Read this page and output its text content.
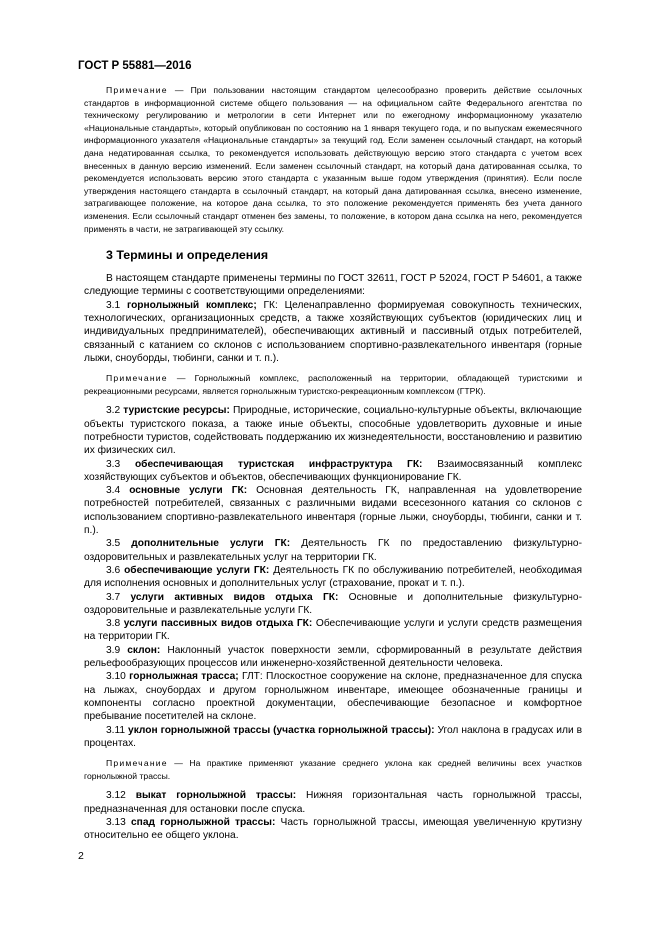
ГОСТ Р 55881—2016

Примечание — При пользовании настоящим стандартом целесообразно проверить действие ссылочных стандартов в информационной системе общего пользования — на официальном сайте Федерального агентства по техническому регулированию и метрологии в сети Интернет или по ежегодному информационному указателю «Национальные стандарты», который опубликован по состоянию на 1 января текущего года, и по выпускам ежемесячного информационного указателя «Национальные стандарты» за текущий год. Если заменен ссылочный стандарт, на который дана недатированная ссылка, то рекомендуется использовать действующую версию этого стандарта с учетом всех внесенных в данную версию изменений. Если заменен ссылочный стандарт, на который дана датированная ссылка, то рекомендуется использовать версию этого стандарта с указанным выше годом утверждения (принятия). Если после утверждения настоящего стандарта в ссылочный стандарт, на который дана датированная ссылка, внесено изменение, затрагивающее положение, на которое дана ссылка, то это положение рекомендуется применять без учета данного изменения. Если ссылочный стандарт отменен без замены, то положение, в котором дана ссылка на него, рекомендуется применять в части, не затрагивающей эту ссылку.

3 Термины и определения

В настоящем стандарте применены термины по ГОСТ 32611, ГОСТ Р 52024, ГОСТ Р 54601, а также следующие термины с соответствующими определениями:

3.1 горнолыжный комплекс; ГК: Целенаправленно формируемая совокупность технических, технологических, организационных средств, а также хозяйствующих субъектов (юридических лиц и индивидуальных предпринимателей), обеспечивающих активный и пассивный отдых потребителей, связанный с катанием со склонов с использованием спортивно-развлекательного инвентаря (горные лыжи, сноуборды, тюбинги, санки и т. п.).

Примечание — Горнолыжный комплекс, расположенный на территории, обладающей туристскими и рекреационными ресурсами, является горнолыжным туристско-рекреационным комплексом (ГТРК).

3.2 туристские ресурсы: Природные, исторические, социально-культурные объекты, включающие объекты туристского показа, а также иные объекты, способные удовлетворить духовные и иные потребности туристов, содействовать поддержанию их жизнедеятельности, восстановлению и развитию их физических сил.

3.3 обеспечивающая туристская инфраструктура ГК: Взаимосвязанный комплекс хозяйствующих субъектов и объектов, обеспечивающих функционирование ГК.

3.4 основные услуги ГК: Основная деятельность ГК, направленная на удовлетворение потребностей потребителей, связанных с различными видами всесезонного катания со склонов с использованием спортивно-развлекательного инвентаря (горные лыжи, сноуборды, тюбинги, санки и т. п.).

3.5 дополнительные услуги ГК: Деятельность ГК по предоставлению физкультурно-оздоровительных и развлекательных услуг на территории ГК.

3.6 обеспечивающие услуги ГК: Деятельность ГК по обслуживанию потребителей, необходимая для исполнения основных и дополнительных услуг (страхование, прокат и т. п.).

3.7 услуги активных видов отдыха ГК: Основные и дополнительные физкультурно-оздоровительные и развлекательные услуги ГК.

3.8 услуги пассивных видов отдыха ГК: Обеспечивающие услуги и услуги средств размещения на территории ГК.

3.9 склон: Наклонный участок поверхности земли, сформированный в результате действия рельефообразующих процессов или инженерно-хозяйственной деятельности человека.

3.10 горнолыжная трасса; ГЛТ: Плоскостное сооружение на склоне, предназначенное для спуска на лыжах, сноубордах и другом горнолыжном инвентаре, имеющее обозначенные границы и компоненты согласно проектной документации, обеспечивающие безопасное и комфортное пребывание посетителей на склоне.

3.11 уклон горнолыжной трассы (участка горнолыжной трассы): Угол наклона в градусах или в процентах.

Примечание — На практике применяют указание среднего уклона как средней величины всех участков горнолыжной трассы.

3.12 выкат горнолыжной трассы: Нижняя горизонтальная часть горнолыжной трассы, предназначенная для остановки после спуска.

3.13 спад горнолыжной трассы: Часть горнолыжной трассы, имеющая увеличенную крутизну относительно ее общего уклона.

2
